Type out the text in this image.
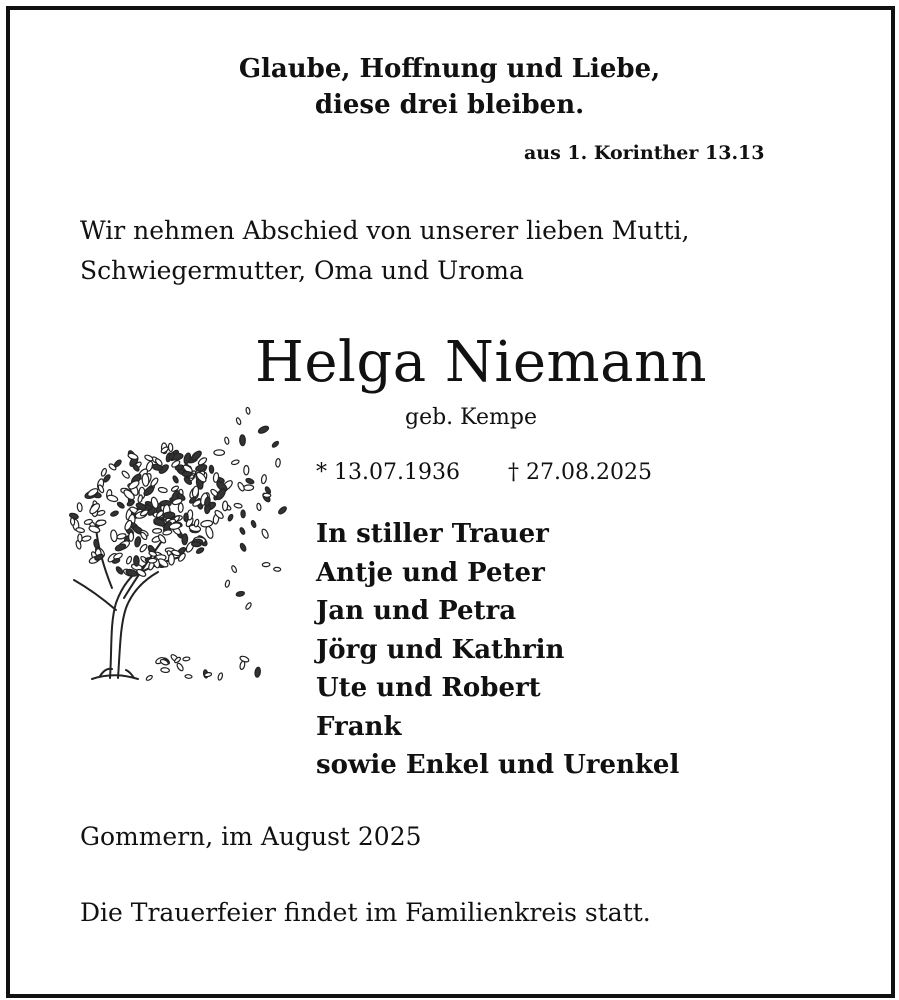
Glaube, Hoffnung und Liebe,
diese drei bleiben.
aus 1. Korinther 13.13
Wir nehmen Abschied von unserer lieben Mutti,
Schwiegermutter, Oma und Uroma
Helga Niemann
geb. Kempe
* 13.07.1936 † 27.08.2025
In stiller Trauer
Antje und Peter
Jan und Petra
Jörg und Kathrin
Ute und Robert
Frank
sowie Enkel und Urenkel
Gommern, im August 2025
Die Trauerfeier findet im Familienkreis statt.
